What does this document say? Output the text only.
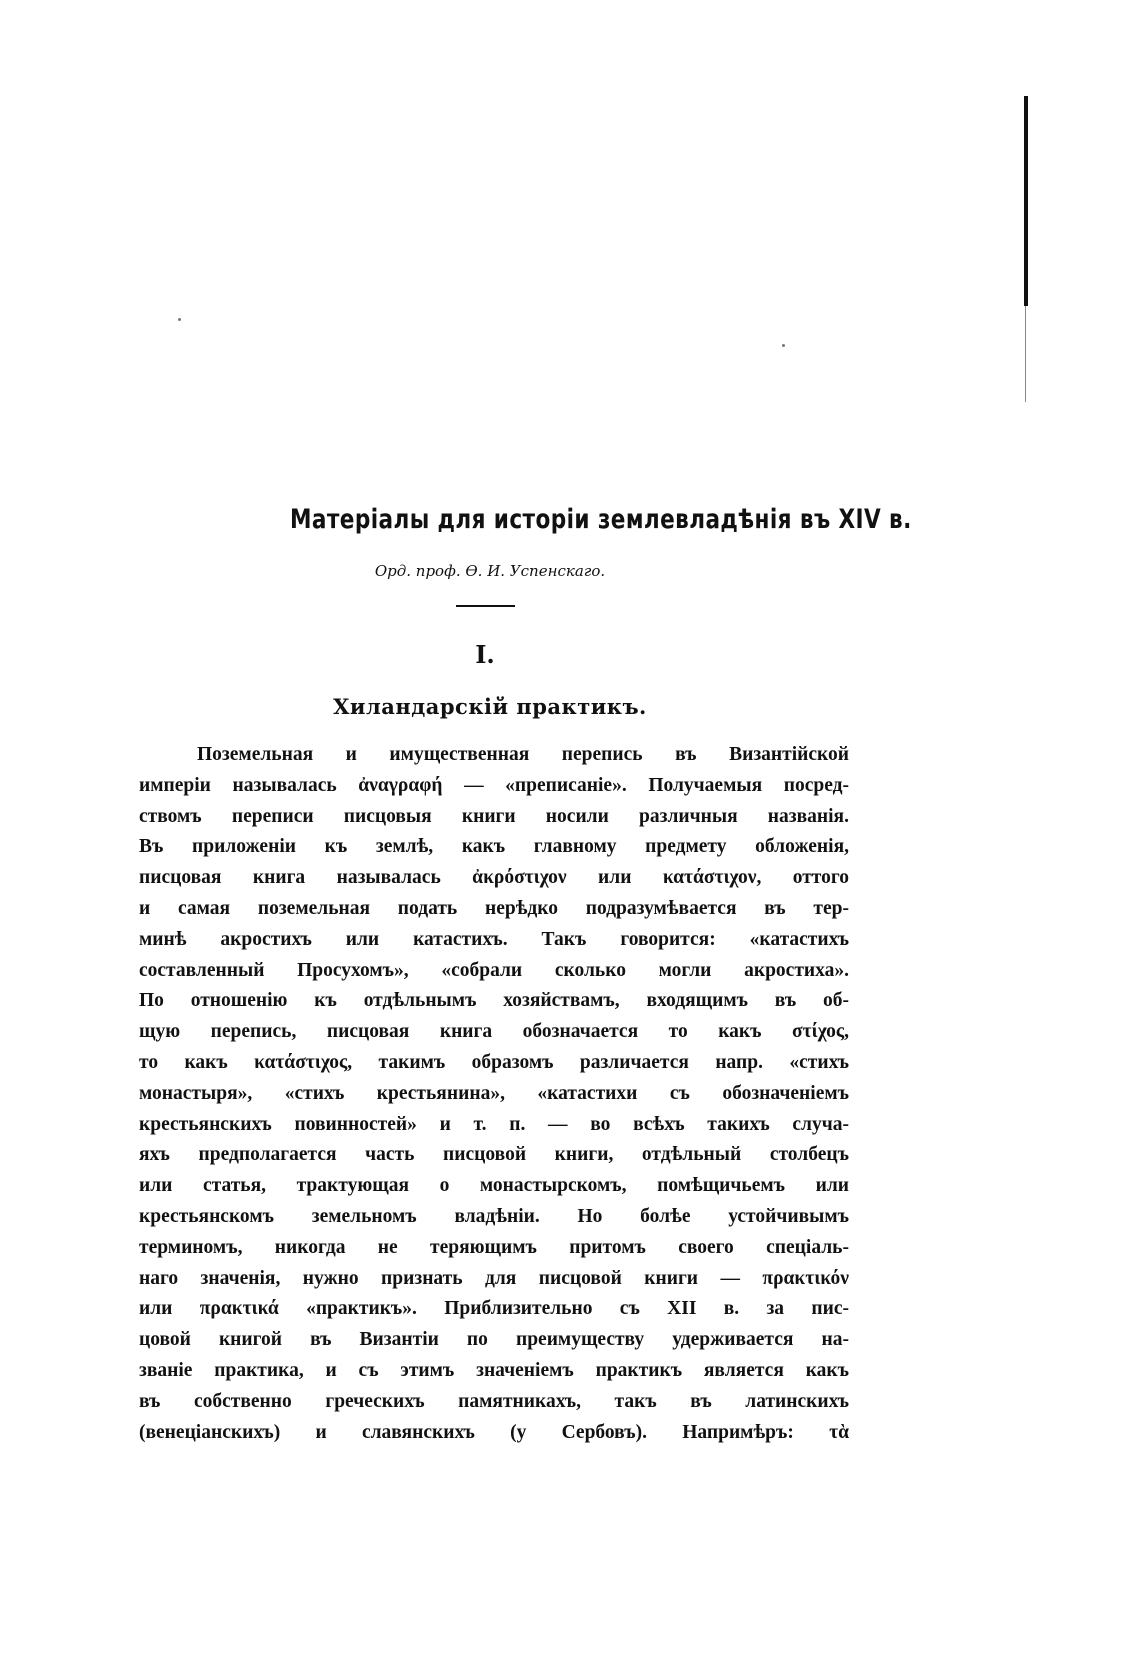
Матеріалы для исторіи землевладѣнія въ XIV в.
Орд. проф. Ѳ. И. Успенскаго.
I.
Хиландарскій практикъ.
Поземельная и имущественная перепись въ Византійской
имперіи называлась ἀναγραφή — «преписаніе». Получаемыя посред-
ствомъ переписи писцовыя книги носили различныя названія.
Въ приложеніи къ землѣ, какъ главному предмету обложенія,
писцовая книга называлась ἀκρόστιχον или κατάστιχον, оттого
и самая поземельная подать нерѣдко подразумѣвается въ тер-
минѣ акростихъ или катастихъ. Такъ говорится: «катастихъ
составленный Просухомъ», «собрали сколько могли акростиха».
По отношенію къ отдѣльнымъ хозяйствамъ, входящимъ въ об-
щую перепись, писцовая книга обозначается то какъ στίχος,
то какъ κατάστιχος, такимъ образомъ различается напр. «стихъ
монастыря», «стихъ крестьянина», «катастихи съ обозначеніемъ
крестьянскихъ повинностей» и т. п. — во всѣхъ такихъ случа-
яхъ предполагается часть писцовой книги, отдѣльный столбецъ
или статья, трактующая о монастырскомъ, помѣщичьемъ или
крестьянскомъ земельномъ владѣніи. Но болѣе устойчивымъ
терминомъ, никогда не теряющимъ притомъ своего спеціаль-
наго значенія, нужно признать для писцовой книги — πρακτικόν
или πρακτικά «практикъ». Приблизительно съ XII в. за пис-
цовой книгой въ Византіи по преимуществу удерживается на-
званіе практика, и съ этимъ значеніемъ практикъ является какъ
въ собственно греческихъ памятникахъ, такъ въ латинскихъ
(венеціанскихъ) и славянскихъ (у Сербовъ). Напримѣръ: τὰ
